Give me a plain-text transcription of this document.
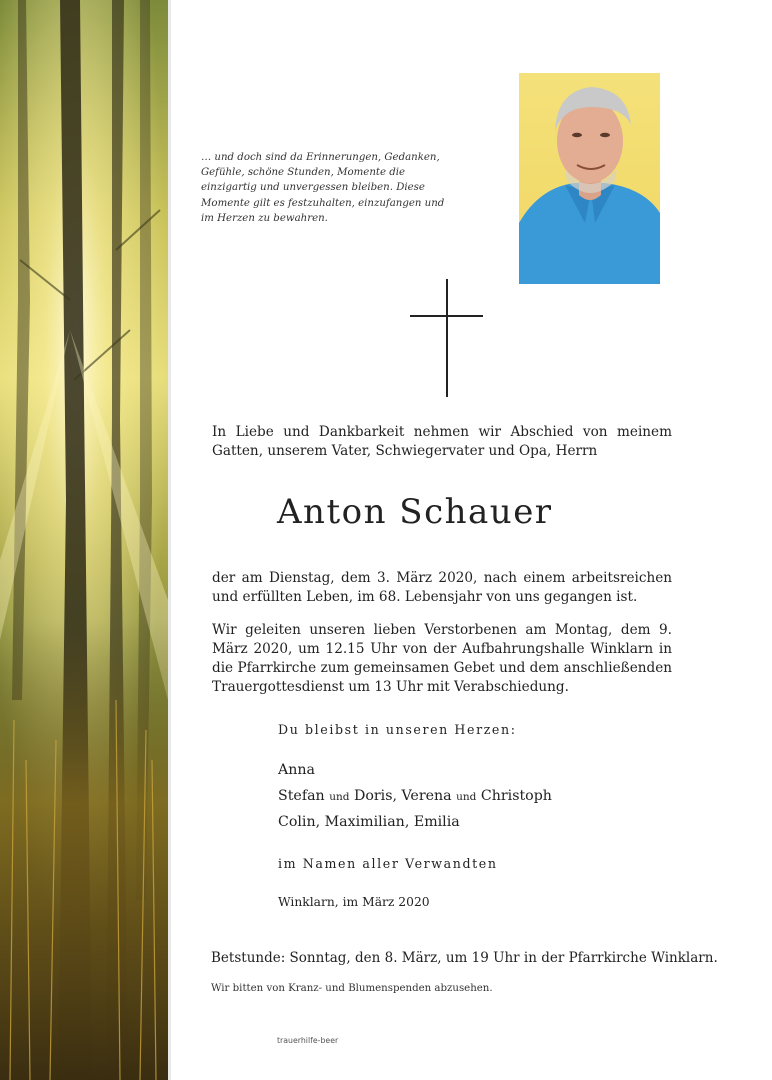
… und doch sind da Erinnerungen, Gedanken, Gefühle, schöne Stunden, Momente die einzigartig und unvergessen bleiben. Diese Momente gilt es festzuhalten, einzufangen und im Herzen zu bewahren.
In Liebe und Dankbarkeit nehmen wir Abschied von meinem Gatten, unserem Vater, Schwiegervater und Opa, Herrn
Anton Schauer
der am Dienstag, dem 3. März 2020, nach einem arbeitsreichen und erfüllten Leben, im 68. Lebensjahr von uns gegangen ist.
Wir geleiten unseren lieben Verstorbenen am Montag, dem 9. März 2020, um 12.15 Uhr von der Aufbahrungshalle Winklarn in die Pfarrkirche zum gemeinsamen Gebet und dem anschließenden Trauergottesdienst um 13 Uhr mit Verabschiedung.
Du bleibst in unseren Herzen:
Anna
Stefan und Doris, Verena und Christoph
Colin, Maximilian, Emilia
im Namen aller Verwandten
Winklarn, im März 2020
Betstunde: Sonntag, den 8. März, um 19 Uhr in der Pfarrkirche Winklarn.
Wir bitten von Kranz- und Blumenspenden abzusehen.
trauerhilfe-beer
